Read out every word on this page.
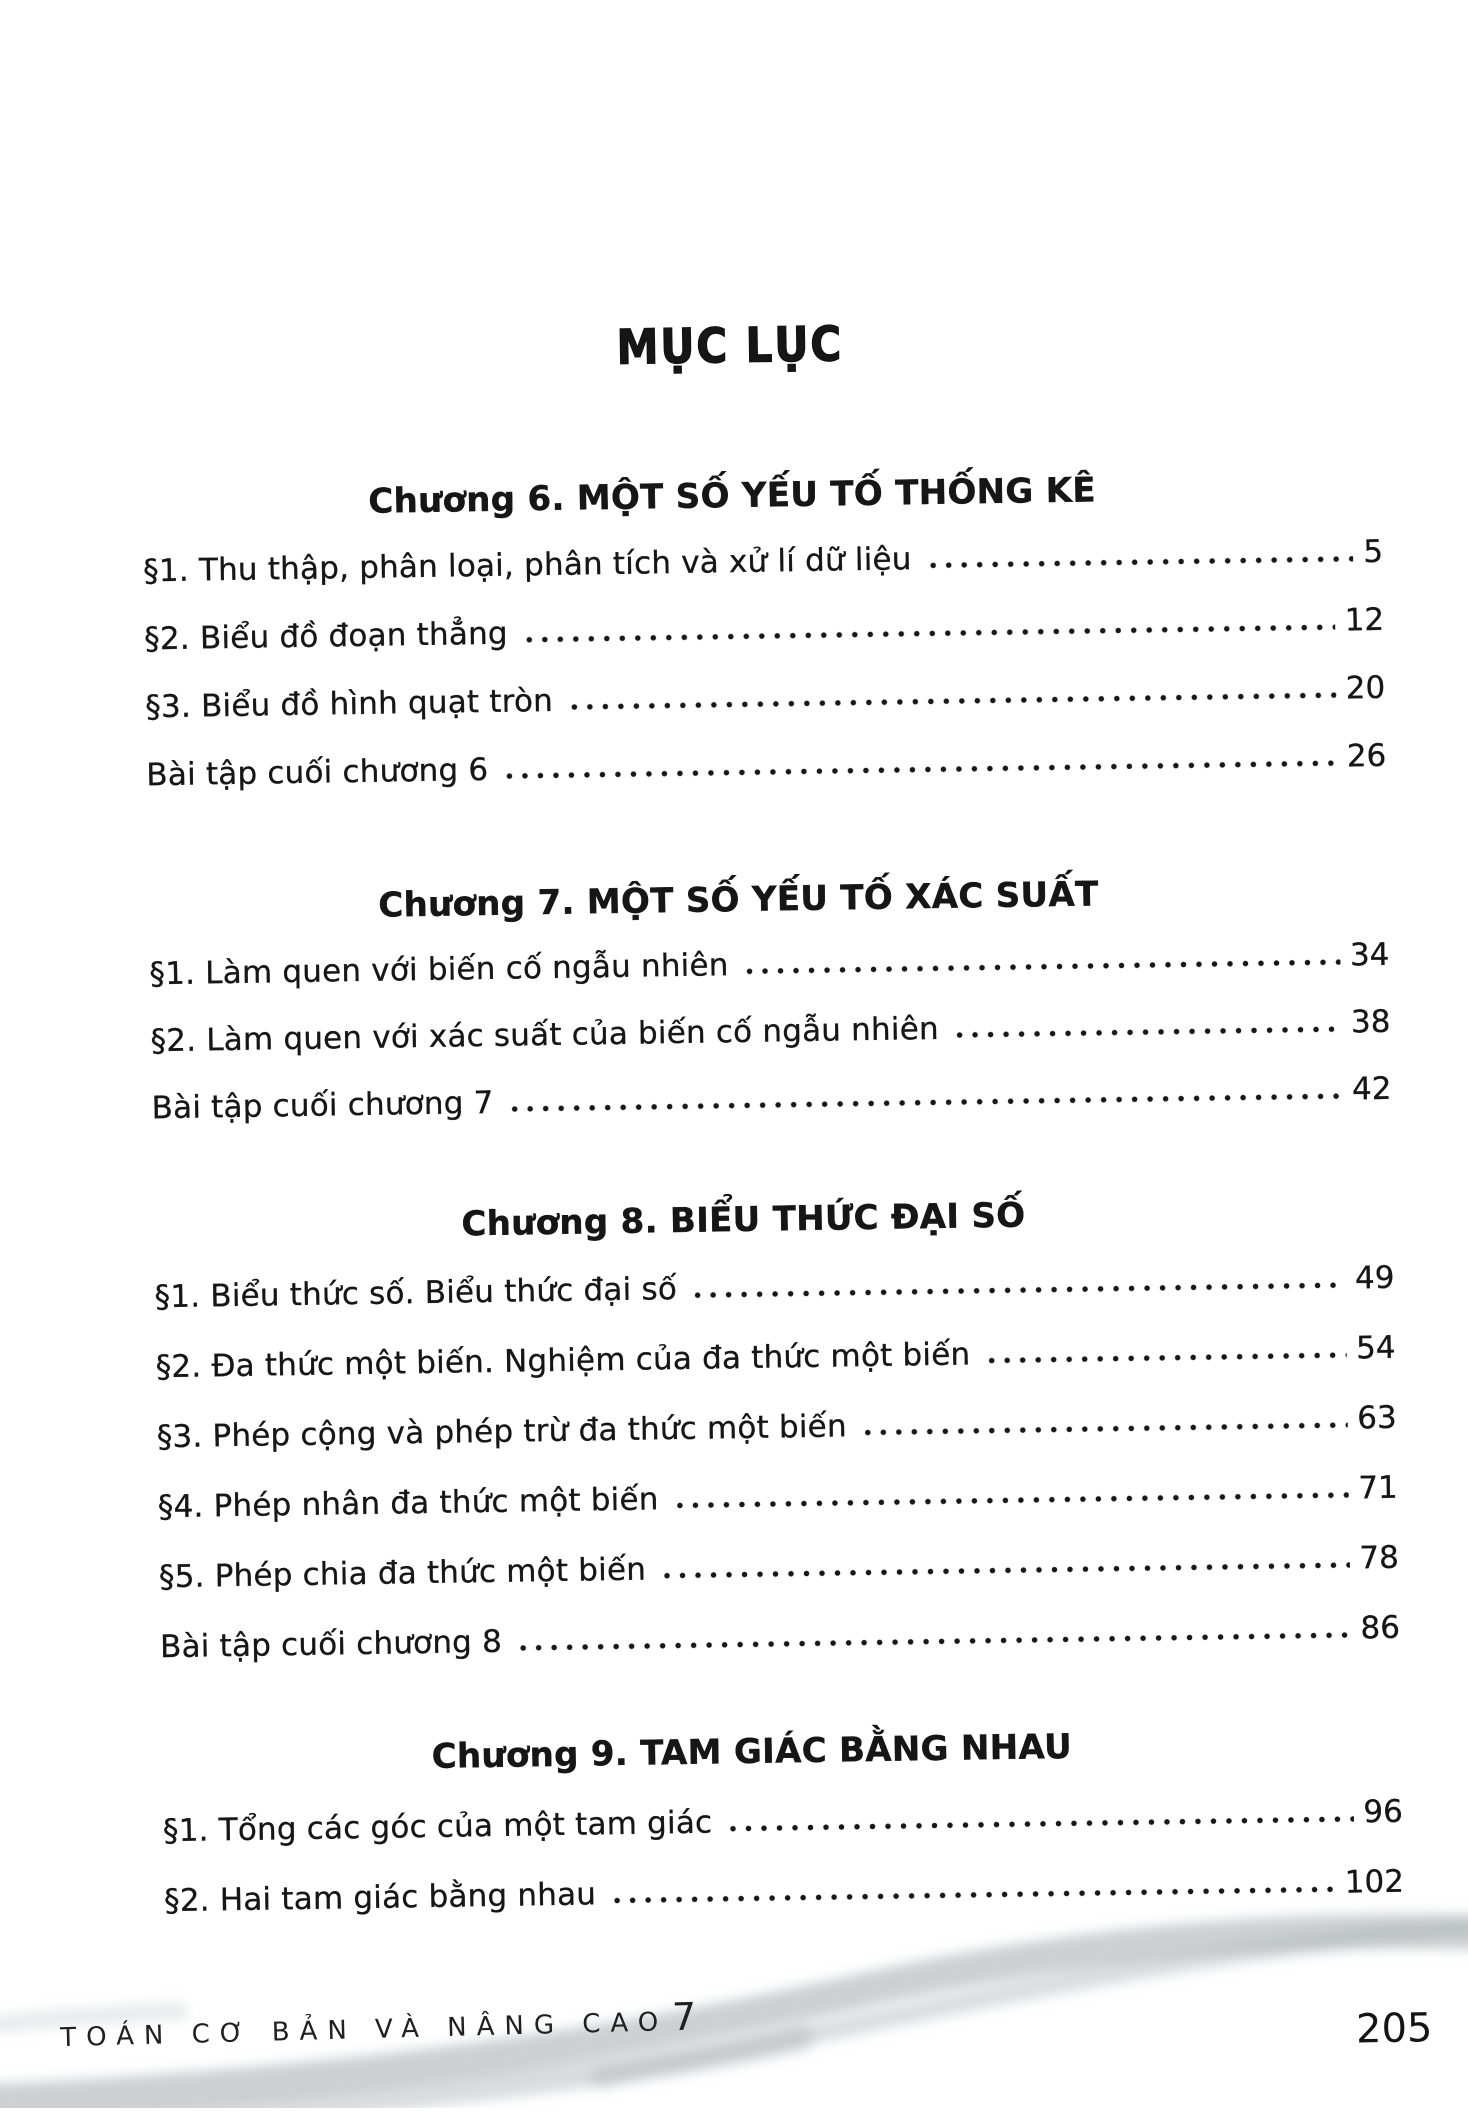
MỤC LỤC
Chương 6. MỘT SỐ YẾU TỐ THỐNG KÊ
§1. Thu thập, phân loại, phân tích và xử lí dữ liệu	5
§2. Biểu đồ đoạn thẳng	12
§3. Biểu đồ hình quạt tròn	20
Bài tập cuối chương 6	26
Chương 7. MỘT SỐ YẾU TỐ XÁC SUẤT
§1. Làm quen với biến cố ngẫu nhiên	34
§2. Làm quen với xác suất của biến cố ngẫu nhiên	38
Bài tập cuối chương 7	42
Chương 8. BIỂU THỨC ĐẠI SỐ
§1. Biểu thức số. Biểu thức đại số	49
§2. Đa thức một biến. Nghiệm của đa thức một biến	54
§3. Phép cộng và phép trừ đa thức một biến	63
§4. Phép nhân đa thức một biến	71
§5. Phép chia đa thức một biến	78
Bài tập cuối chương 8	86
Chương 9. TAM GIÁC BẰNG NHAU
§1. Tổng các góc của một tam giác	96
§2. Hai tam giác bằng nhau	102
TOÁN CƠ BẢN VÀ NÂNG CAO7	205
